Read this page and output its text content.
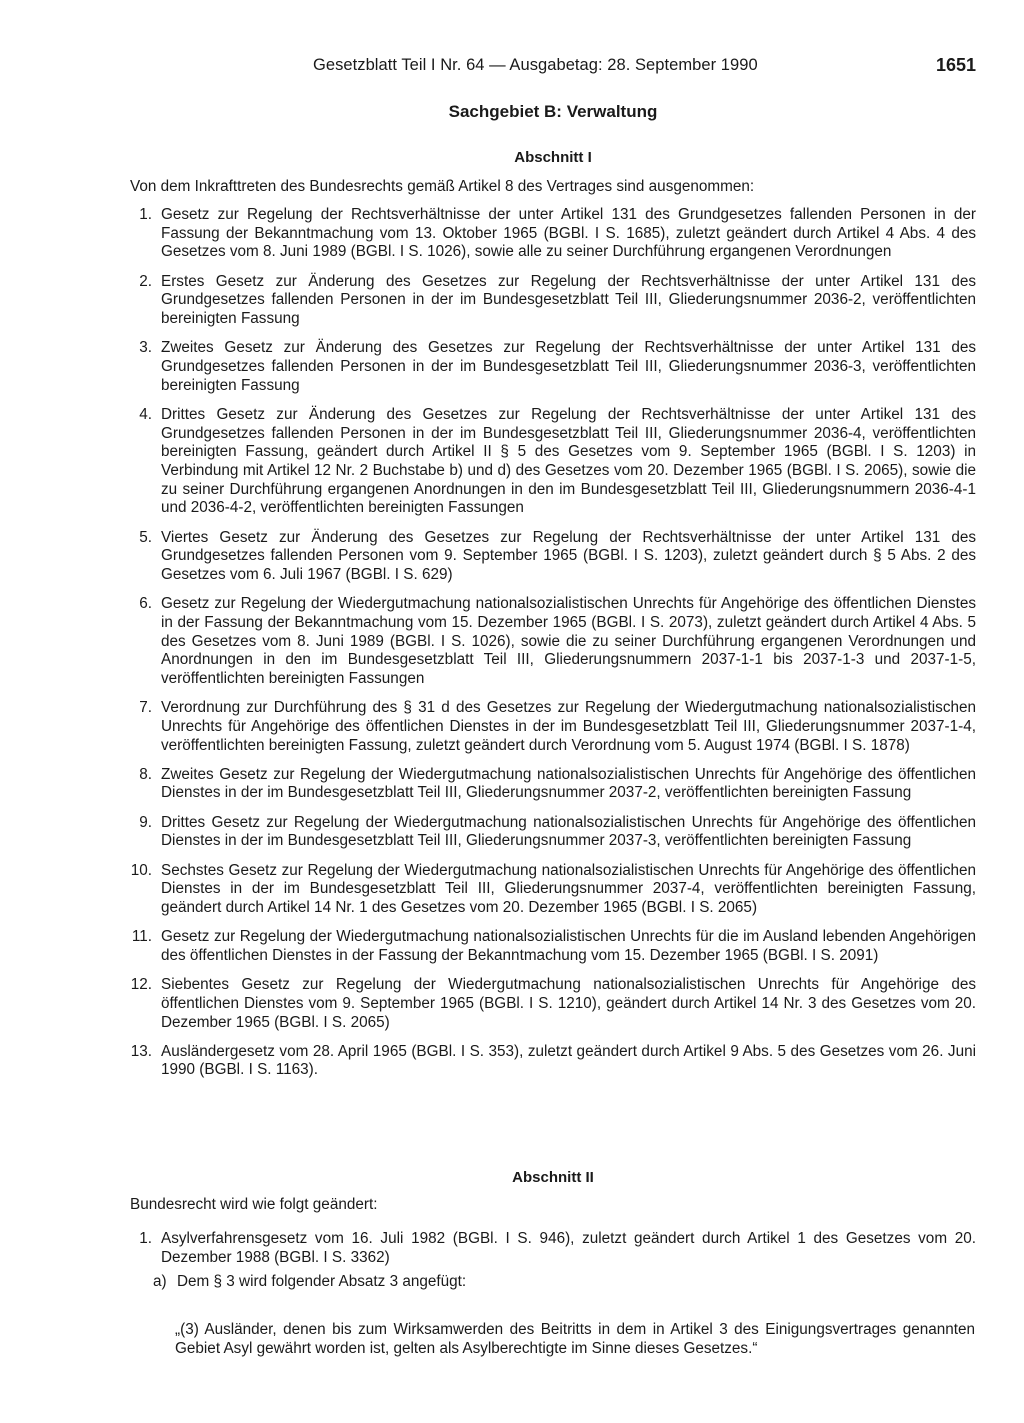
Gesetzblatt Teil I Nr. 64 — Ausgabetag: 28. September 1990	1651
Sachgebiet B: Verwaltung
Abschnitt I
Von dem Inkrafttreten des Bundesrechts gemäß Artikel 8 des Vertrages sind ausgenommen:
1. Gesetz zur Regelung der Rechtsverhältnisse der unter Artikel 131 des Grundgesetzes fallenden Personen in der Fassung der Bekanntmachung vom 13. Oktober 1965 (BGBl. I S. 1685), zuletzt geändert durch Artikel 4 Abs. 4 des Gesetzes vom 8. Juni 1989 (BGBl. I S. 1026), sowie alle zu seiner Durchführung ergangenen Verordnungen
2. Erstes Gesetz zur Änderung des Gesetzes zur Regelung der Rechtsverhältnisse der unter Artikel 131 des Grundgesetzes fallenden Personen in der im Bundesgesetzblatt Teil III, Gliederungsnummer 2036-2, veröffentlichten bereinigten Fassung
3. Zweites Gesetz zur Änderung des Gesetzes zur Regelung der Rechtsverhältnisse der unter Artikel 131 des Grundgesetzes fallenden Personen in der im Bundesgesetzblatt Teil III, Gliederungsnummer 2036-3, veröffentlichten bereinigten Fassung
4. Drittes Gesetz zur Änderung des Gesetzes zur Regelung der Rechtsverhältnisse der unter Artikel 131 des Grundgesetzes fallenden Personen in der im Bundesgesetzblatt Teil III, Gliederungsnummer 2036-4, veröffentlichten bereinigten Fassung, geändert durch Artikel II § 5 des Gesetzes vom 9. September 1965 (BGBl. I S. 1203) in Verbindung mit Artikel 12 Nr. 2 Buchstabe b) und d) des Gesetzes vom 20. Dezember 1965 (BGBl. I S. 2065), sowie die zu seiner Durchführung ergangenen Anordnungen in den im Bundesgesetzblatt Teil III, Gliederungsnummern 2036-4-1 und 2036-4-2, veröffentlichten bereinigten Fassungen
5. Viertes Gesetz zur Änderung des Gesetzes zur Regelung der Rechtsverhältnisse der unter Artikel 131 des Grundgesetzes fallenden Personen vom 9. September 1965 (BGBl. I S. 1203), zuletzt geändert durch § 5 Abs. 2 des Gesetzes vom 6. Juli 1967 (BGBl. I S. 629)
6. Gesetz zur Regelung der Wiedergutmachung nationalsozialistischen Unrechts für Angehörige des öffentlichen Dienstes in der Fassung der Bekanntmachung vom 15. Dezember 1965 (BGBl. I S. 2073), zuletzt geändert durch Artikel 4 Abs. 5 des Gesetzes vom 8. Juni 1989 (BGBl. I S. 1026), sowie die zu seiner Durchführung ergangenen Verordnungen und Anordnungen in den im Bundesgesetzblatt Teil III, Gliederungsnummern 2037-1-1 bis 2037-1-3 und 2037-1-5, veröffentlichten bereinigten Fassungen
7. Verordnung zur Durchführung des § 31 d des Gesetzes zur Regelung der Wiedergutmachung nationalsozialistischen Unrechts für Angehörige des öffentlichen Dienstes in der im Bundesgesetzblatt Teil III, Gliederungsnummer 2037-1-4, veröffentlichten bereinigten Fassung, zuletzt geändert durch Verordnung vom 5. August 1974 (BGBl. I S. 1878)
8. Zweites Gesetz zur Regelung der Wiedergutmachung nationalsozialistischen Unrechts für Angehörige des öffentlichen Dienstes in der im Bundesgesetzblatt Teil III, Gliederungsnummer 2037-2, veröffentlichten bereinigten Fassung
9. Drittes Gesetz zur Regelung der Wiedergutmachung nationalsozialistischen Unrechts für Angehörige des öffentlichen Dienstes in der im Bundesgesetzblatt Teil III, Gliederungsnummer 2037-3, veröffentlichten bereinigten Fassung
10. Sechstes Gesetz zur Regelung der Wiedergutmachung nationalsozialistischen Unrechts für Angehörige des öffentlichen Dienstes in der im Bundesgesetzblatt Teil III, Gliederungsnummer 2037-4, veröffentlichten bereinigten Fassung, geändert durch Artikel 14 Nr. 1 des Gesetzes vom 20. Dezember 1965 (BGBl. I S. 2065)
11. Gesetz zur Regelung der Wiedergutmachung nationalsozialistischen Unrechts für die im Ausland lebenden Angehörigen des öffentlichen Dienstes in der Fassung der Bekanntmachung vom 15. Dezember 1965 (BGBl. I S. 2091)
12. Siebentes Gesetz zur Regelung der Wiedergutmachung nationalsozialistischen Unrechts für Angehörige des öffentlichen Dienstes vom 9. September 1965 (BGBl. I S. 1210), geändert durch Artikel 14 Nr. 3 des Gesetzes vom 20. Dezember 1965 (BGBl. I S. 2065)
13. Ausländergesetz vom 28. April 1965 (BGBl. I S. 353), zuletzt geändert durch Artikel 9 Abs. 5 des Gesetzes vom 26. Juni 1990 (BGBl. I S. 1163).
Abschnitt II
Bundesrecht wird wie folgt geändert:
1. Asylverfahrensgesetz vom 16. Juli 1982 (BGBl. I S. 946), zuletzt geändert durch Artikel 1 des Gesetzes vom 20. Dezember 1988 (BGBl. I S. 3362)
a) Dem § 3 wird folgender Absatz 3 angefügt:
„(3) Ausländer, denen bis zum Wirksamwerden des Beitritts in dem in Artikel 3 des Einigungsvertrages genannten Gebiet Asyl gewährt worden ist, gelten als Asylberechtigte im Sinne dieses Gesetzes.“
